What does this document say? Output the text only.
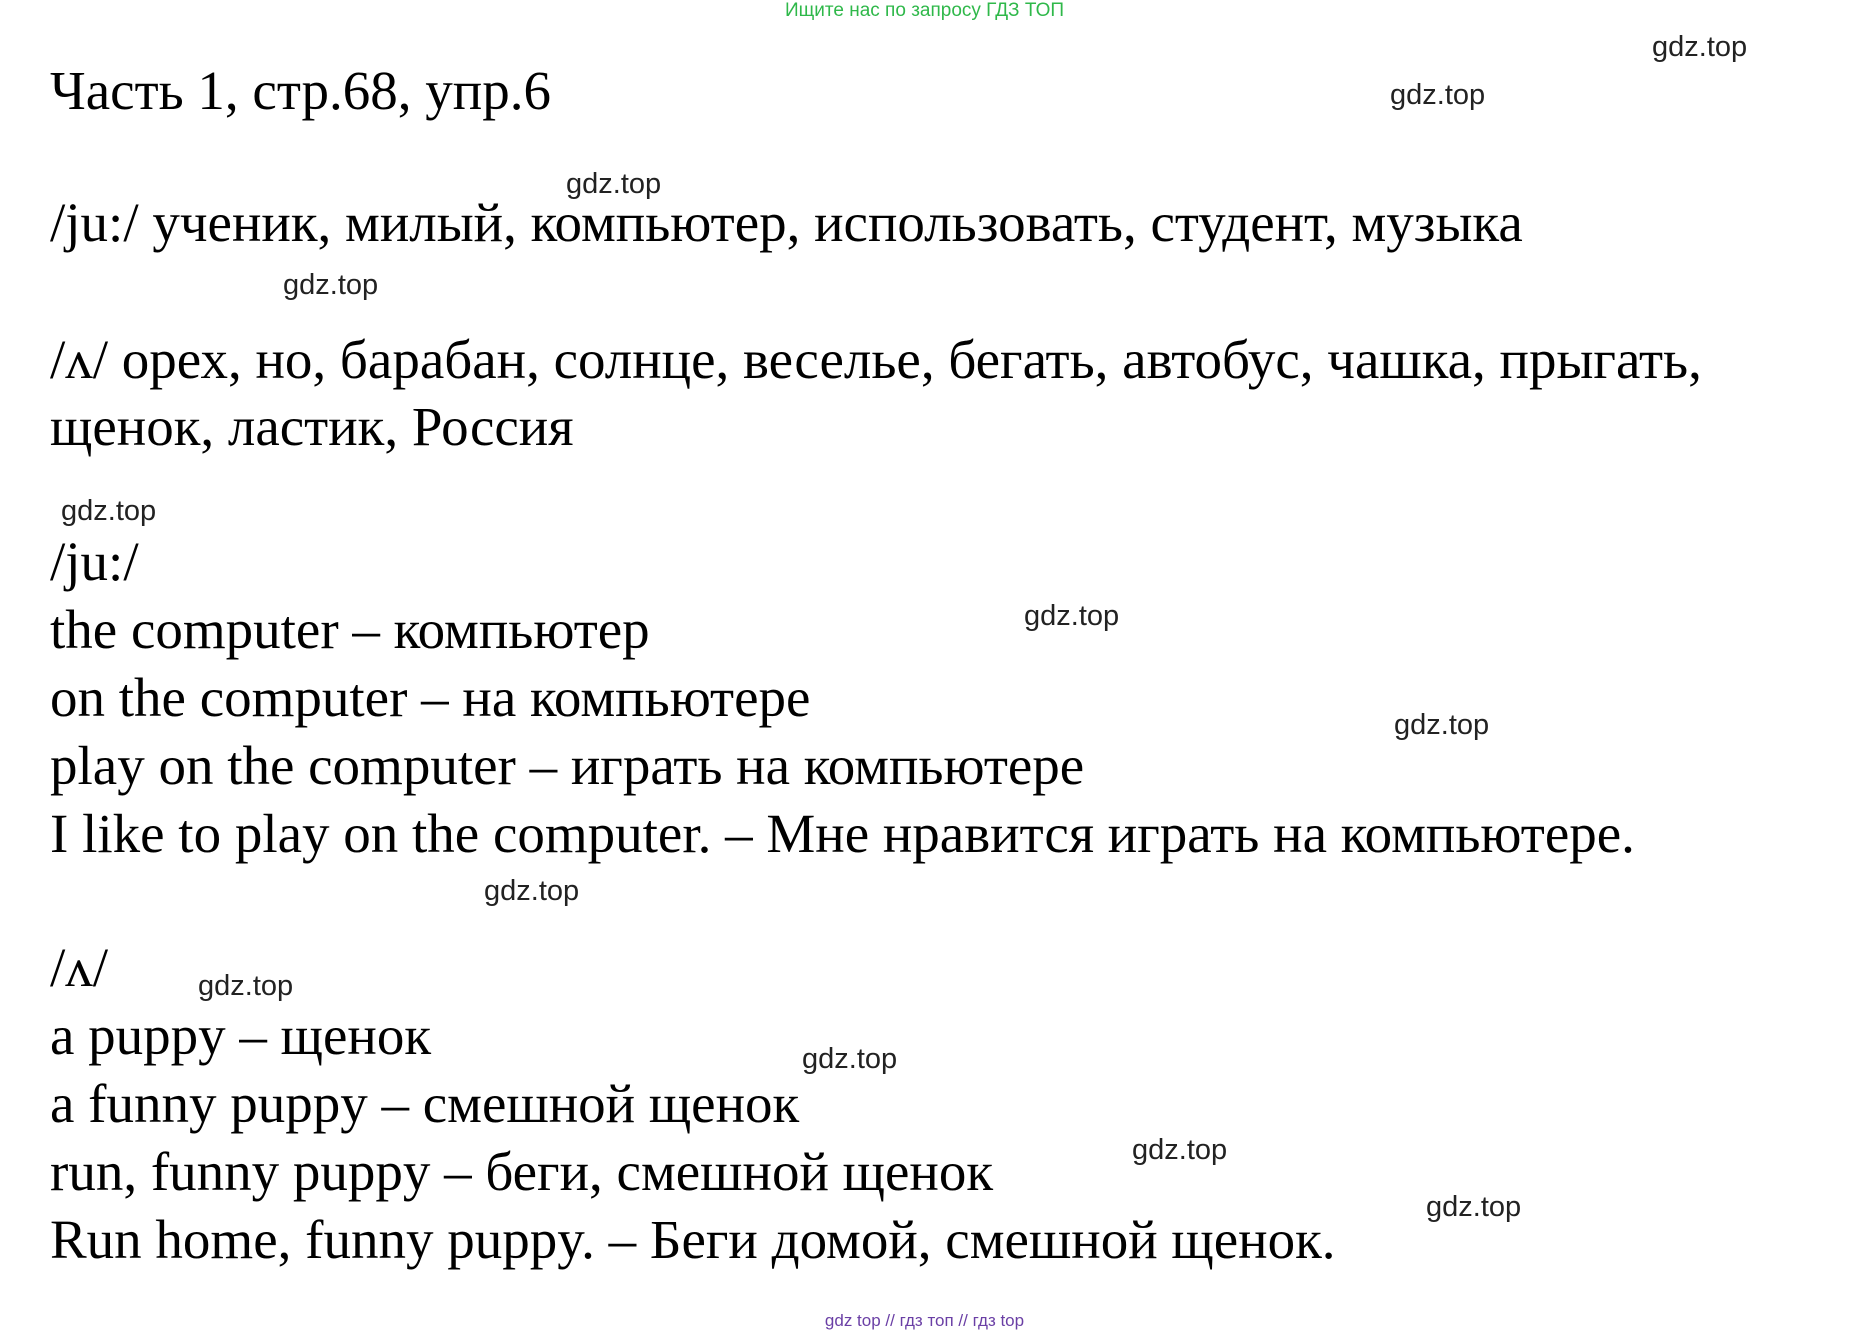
Ищите нас по запросу ГДЗ ТОП
Часть 1, стр.68, упр.6
/ju:/ ученик, милый, компьютер, использовать, студент, музыка
/ʌ/ орех, но, барабан, солнце, веселье, бегать, автобус, чашка, прыгать,
щенок, ластик, Россия
/ju:/
the computer – компьютер
on the computer – на компьютере
play on the computer – играть на компьютере
I like to play on the computer. – Мне нравится играть на компьютере.
/ʌ/
a puppy – щенок
a funny puppy – смешной щенок
run, funny puppy – беги, смешной щенок
Run home, funny puppy. – Беги домой, смешной щенок.
gdz.top
gdz.top
gdz.top
gdz.top
gdz.top
gdz.top
gdz.top
gdz.top
gdz.top
gdz.top
gdz.top
gdz.top
gdz top // гдз топ // гдз top
